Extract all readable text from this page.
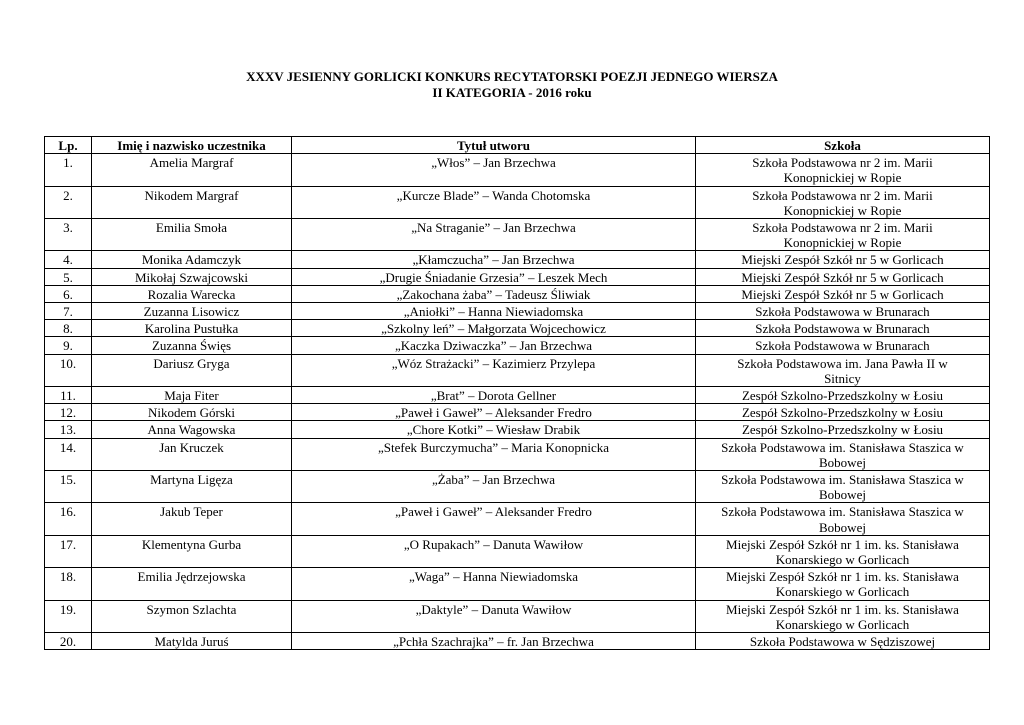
XXXV JESIENNY GORLICKI KONKURS RECYTATORSKI POEZJI JEDNEGO WIERSZA
II KATEGORIA - 2016 roku
Lp.	Imię i nazwisko uczestnika	Tytuł utworu	Szkoła
1.	Amelia Margraf	„Włos” – Jan Brzechwa	Szkoła Podstawowa nr 2 im. Marii
Konopnickiej w Ropie

2.	Nikodem Margraf	„Kurcze Blade” – Wanda Chotomska	Szkoła Podstawowa nr 2 im. Marii
Konopnickiej w Ropie

3.	Emilia Smoła	„Na Straganie” – Jan Brzechwa	Szkoła Podstawowa nr 2 im. Marii
Konopnickiej w Ropie

4.	Monika Adamczyk	„Kłamczucha” – Jan Brzechwa	Miejski Zespół Szkół nr 5 w Gorlicach

5.	Mikołaj Szwajcowski	„Drugie Śniadanie Grzesia” – Leszek Mech	Miejski Zespół Szkół nr 5 w Gorlicach

6.	Rozalia Warecka	„Zakochana żaba” – Tadeusz Śliwiak	Miejski Zespół Szkół nr 5 w Gorlicach

7.	Zuzanna Lisowicz	„Aniołki” – Hanna Niewiadomska	Szkoła Podstawowa w Brunarach

8.	Karolina Pustułka	„Szkolny leń” – Małgorzata Wojcechowicz	Szkoła Podstawowa w Brunarach

9.	Zuzanna Święs	„Kaczka Dziwaczka” – Jan Brzechwa	Szkoła Podstawowa w Brunarach

10.	Dariusz Gryga	„Wóz Strażacki” – Kazimierz Przylepa	Szkoła Podstawowa im. Jana Pawła II w
Sitnicy

11.	Maja Fiter	„Brat” – Dorota Gellner	Zespół Szkolno-Przedszkolny w Łosiu

12.	Nikodem Górski	„Paweł i Gaweł” – Aleksander Fredro	Zespół Szkolno-Przedszkolny w Łosiu

13.	Anna Wagowska	„Chore Kotki” – Wiesław Drabik	Zespół Szkolno-Przedszkolny w Łosiu

14.	Jan Kruczek	„Stefek Burczymucha” – Maria Konopnicka	Szkoła Podstawowa im. Stanisława Staszica w
Bobowej

15.	Martyna Ligęza	„Żaba” – Jan Brzechwa	Szkoła Podstawowa im. Stanisława Staszica w
Bobowej

16.	Jakub Teper	„Paweł i Gaweł” – Aleksander Fredro	Szkoła Podstawowa im. Stanisława Staszica w
Bobowej

17.	Klementyna Gurba	„O Rupakach” – Danuta Wawiłow	Miejski Zespół Szkół nr 1 im. ks. Stanisława
Konarskiego w Gorlicach

18.	Emilia Jędrzejowska	„Waga” – Hanna Niewiadomska	Miejski Zespół Szkół nr 1 im. ks. Stanisława
Konarskiego w Gorlicach

19.	Szymon Szlachta	„Daktyle” – Danuta Wawiłow	Miejski Zespół Szkół nr 1 im. ks. Stanisława
Konarskiego w Gorlicach

20.	Matylda Juruś	„Pchła Szachrajka” – fr. Jan Brzechwa	Szkoła Podstawowa w Sędziszowej
